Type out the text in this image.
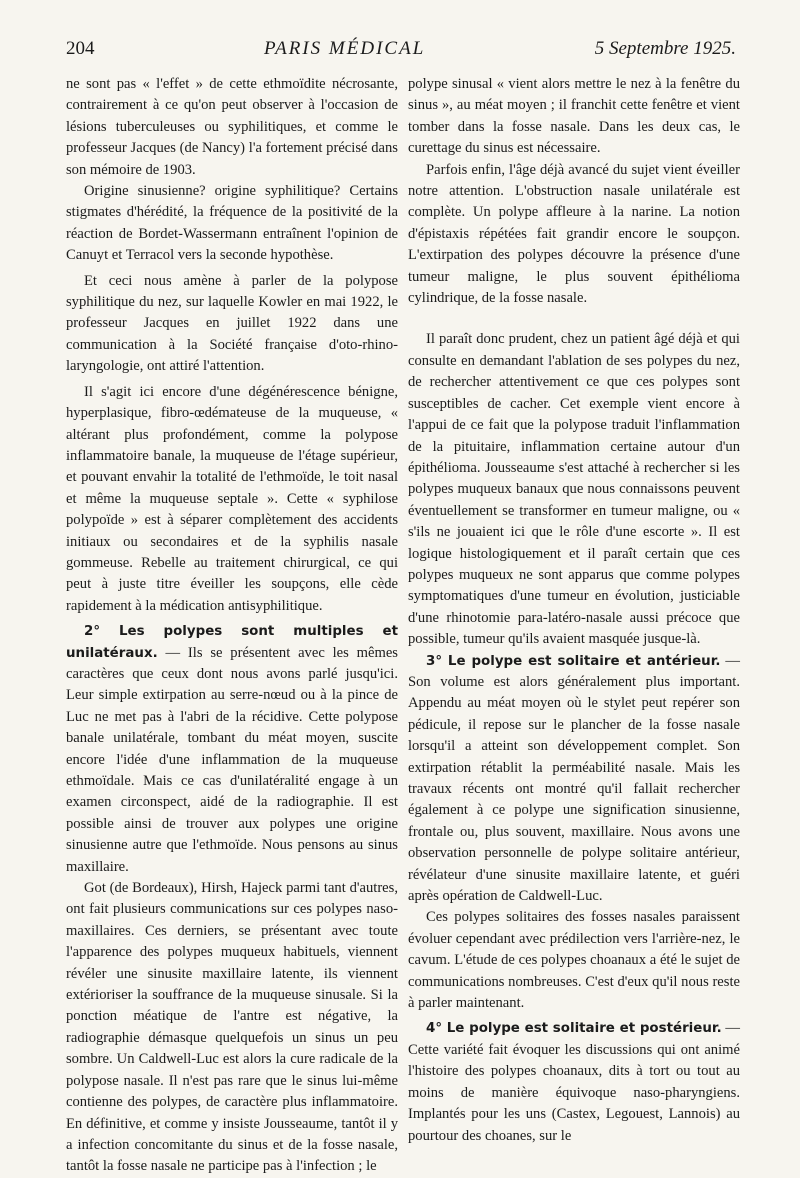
204	PARIS MÉDICAL	5 Septembre 1925.

ne sont pas « l'effet » de cette ethmoïdite nécrosante, contrairement à ce qu'on peut observer à l'occasion de lésions tuberculeuses ou syphilitiques, et comme le professeur Jacques (de Nancy) l'a fortement précisé dans son mémoire de 1903.

Origine sinusienne? origine syphilitique? Certains stigmates d'hérédité, la fréquence de la positivité de la réaction de Bordet-Wassermann entraînent l'opinion de Canuyt et Terracol vers la seconde hypothèse.

Et ceci nous amène à parler de la polypose syphilitique du nez, sur laquelle Kowler en mai 1922, le professeur Jacques en juillet 1922 dans une communication à la Société française d'oto-rhino-laryngologie, ont attiré l'attention.

Il s'agit ici encore d'une dégénérescence bénigne, hyperplasique, fibro-œdémateuse de la muqueuse, « altérant plus profondément, comme la polypose inflammatoire banale, la muqueuse de l'étage supérieur, et pouvant envahir la totalité de l'ethmoïde, le toit nasal et même la muqueuse septale ». Cette « syphilose polypoïde » est à séparer complètement des accidents initiaux ou secondaires et de la syphilis nasale gommeuse. Rebelle au traitement chirurgical, ce qui peut à juste titre éveiller les soupçons, elle cède rapidement à la médication antisyphilitique.

2° Les polypes sont multiples et unilatéraux. — Ils se présentent avec les mêmes caractères que ceux dont nous avons parlé jusqu'ici. Leur simple extirpation au serre-nœud ou à la pince de Luc ne met pas à l'abri de la récidive. Cette polypose banale unilatérale, tombant du méat moyen, suscite encore l'idée d'une inflammation de la muqueuse ethmoïdale. Mais ce cas d'unilatéralité engage à un examen circonspect, aidé de la radiographie. Il est possible ainsi de trouver aux polypes une origine sinusienne autre que l'ethmoïde. Nous pensons au sinus maxillaire.

Got (de Bordeaux), Hirsh, Hajeck parmi tant d'autres, ont fait plusieurs communications sur ces polypes naso-maxillaires. Ces derniers, se présentant avec toute l'apparence des polypes muqueux habituels, viennent révéler une sinusite maxillaire latente, ils viennent extérioriser la souffrance de la muqueuse sinusale. Si la ponction méatique de l'antre est négative, la radiographie démasque quelquefois un sinus un peu sombre. Un Caldwell-Luc est alors la cure radicale de la polypose nasale. Il n'est pas rare que le sinus lui-même contienne des polypes, de caractère plus inflammatoire. En définitive, et comme y insiste Jousseaume, tantôt il y a infection concomitante du sinus et de la fosse nasale, tantôt la fosse nasale ne participe pas à l'infection ; le

polype sinusal « vient alors mettre le nez à la fenêtre du sinus », au méat moyen ; il franchit cette fenêtre et vient tomber dans la fosse nasale. Dans les deux cas, le curettage du sinus est nécessaire.

Parfois enfin, l'âge déjà avancé du sujet vient éveiller notre attention. L'obstruction nasale unilatérale est complète. Un polype affleure à la narine. La notion d'épistaxis répétées fait grandir encore le soupçon. L'extirpation des polypes découvre la présence d'une tumeur maligne, le plus souvent épithélioma cylindrique, de la fosse nasale.

Il paraît donc prudent, chez un patient âgé déjà et qui consulte en demandant l'ablation de ses polypes du nez, de rechercher attentivement ce que ces polypes sont susceptibles de cacher. Cet exemple vient encore à l'appui de ce fait que la polypose traduit l'inflammation de la pituitaire, inflammation certaine autour d'un épithélioma. Jousseaume s'est attaché à rechercher si les polypes muqueux banaux que nous connaissons peuvent éventuellement se transformer en tumeur maligne, ou « s'ils ne jouaient ici que le rôle d'une escorte ». Il est logique histologiquement et il paraît certain que ces polypes muqueux ne sont apparus que comme polypes symptomatiques d'une tumeur en évolution, justiciable d'une rhinotomie para-latéro-nasale aussi précoce que possible, tumeur qu'ils avaient masquée jusque-là.

3° Le polype est solitaire et antérieur. — Son volume est alors généralement plus important. Appendu au méat moyen où le stylet peut repérer son pédicule, il repose sur le plancher de la fosse nasale lorsqu'il a atteint son développement complet. Son extirpation rétablit la perméabilité nasale. Mais les travaux récents ont montré qu'il fallait rechercher également à ce polype une signification sinusienne, frontale ou, plus souvent, maxillaire. Nous avons une observation personnelle de polype solitaire antérieur, révélateur d'une sinusite maxillaire latente, et guéri après opération de Caldwell-Luc.

Ces polypes solitaires des fosses nasales paraissent évoluer cependant avec prédilection vers l'arrière-nez, le cavum. L'étude de ces polypes choanaux a été le sujet de communications nombreuses. C'est d'eux qu'il nous reste à parler maintenant.

4° Le polype est solitaire et postérieur. — Cette variété fait évoquer les discussions qui ont animé l'histoire des polypes choanaux, dits à tort ou tout au moins de manière équivoque naso-pharyngiens. Implantés pour les uns (Castex, Legouest, Lannois) au pourtour des choanes, sur le
